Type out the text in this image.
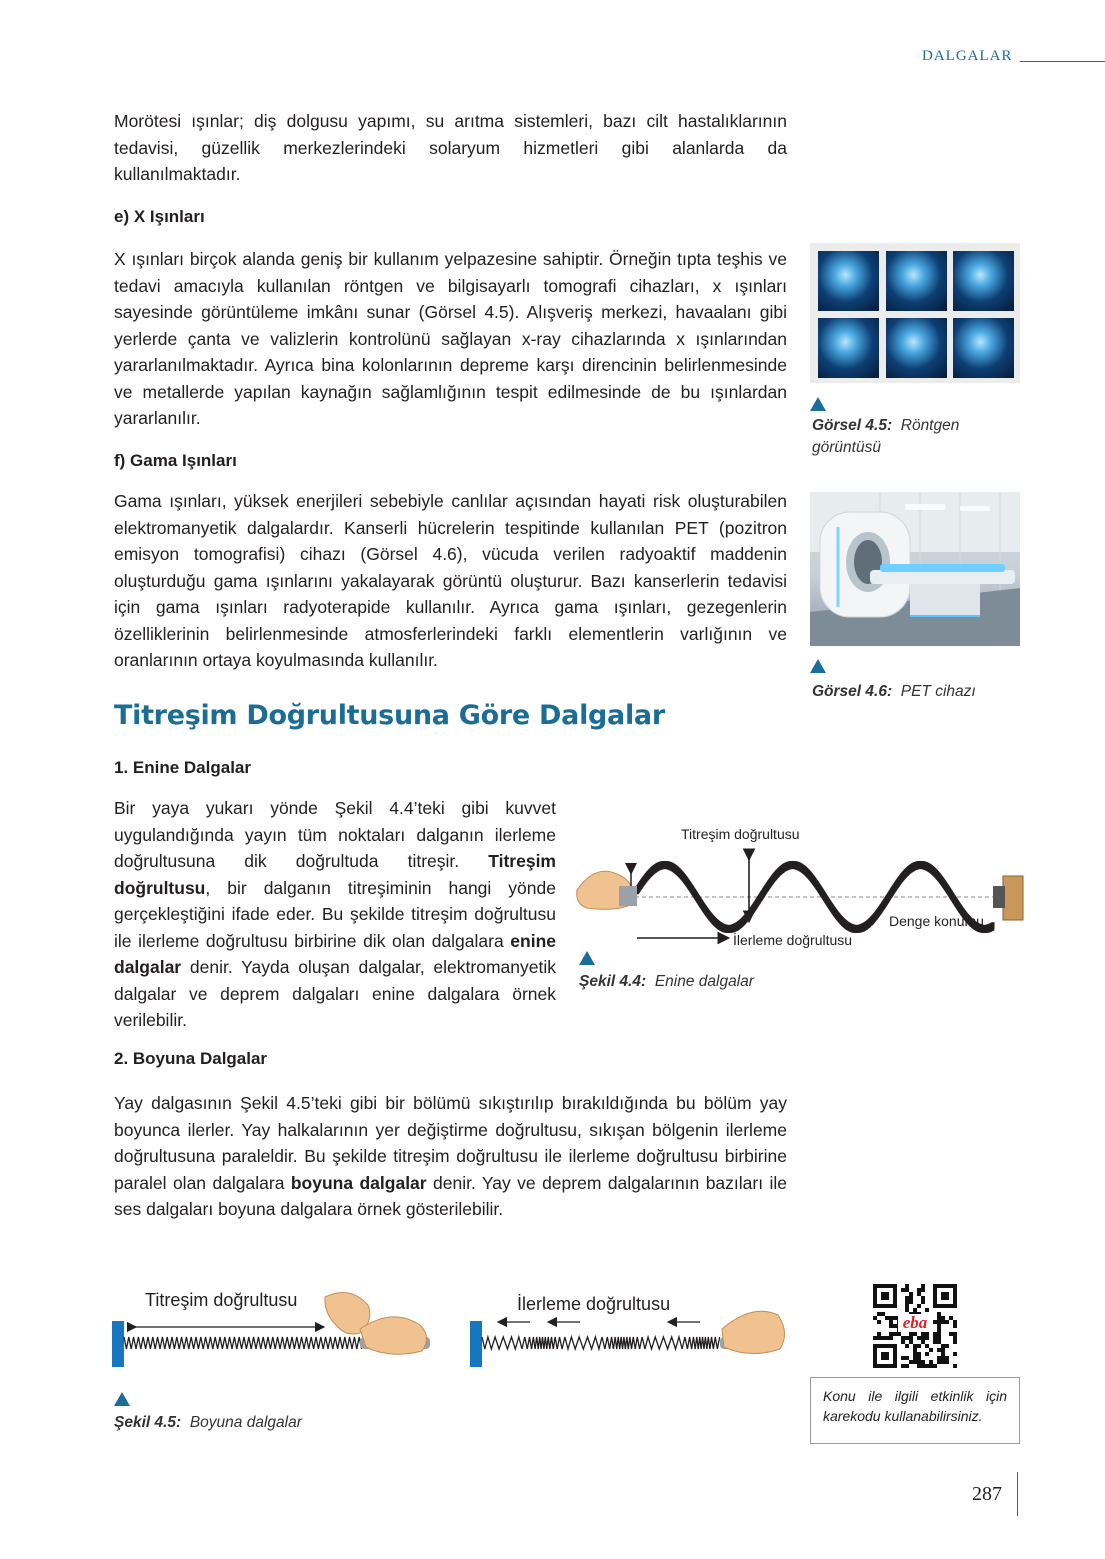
DALGALAR

Morötesi ışınlar; diş dolgusu yapımı, su arıtma sistemleri, bazı cilt hastalıklarının tedavisi, güzellik merkezlerindeki solaryum hizmetleri gibi alanlarda da kullanılmaktadır.

e) X Işınları

X ışınları birçok alanda geniş bir kullanım yelpazesine sahiptir. Örneğin tıpta teşhis ve tedavi amacıyla kullanılan röntgen ve bilgisayarlı tomografi cihazları, x ışınları sayesinde görüntüleme imkânı sunar (Görsel 4.5). Alışveriş merkezi, havaalanı gibi yerlerde çanta ve valizlerin kontrolünü sağlayan x-ray cihazlarında x ışınlarından yararlanılmaktadır. Ayrıca bina kolonlarının depreme karşı direncinin belirlenmesinde ve metallerde yapılan kaynağın sağlamlığının tespit edilmesinde de bu ışınlardan yararlanılır.

f) Gama Işınları

Gama ışınları, yüksek enerjileri sebebiyle canlılar açısından hayati risk oluşturabilen elektromanyetik dalgalardır. Kanserli hücrelerin tespitinde kullanılan PET (pozitron emisyon tomografisi) cihazı (Görsel 4.6), vücuda verilen radyoaktif maddenin oluşturduğu gama ışınlarını yakalayarak görüntü oluşturur. Bazı kanserlerin tedavisi için gama ışınları radyoterapide kullanılır. Ayrıca gama ışınları, gezegenlerin özelliklerinin belirlenmesinde atmosferlerindeki farklı elementlerin varlığının ve oranlarının ortaya koyulmasında kullanılır.

Görsel 4.5: Röntgen görüntüsü
Görsel 4.6: PET cihazı
Titreşim Doğrultusuna Göre Dalgalar

1. Enine Dalgalar

Bir yaya yukarı yönde Şekil 4.4’teki gibi kuvvet uygulandığında yayın tüm noktaları dalganın ilerleme doğrultusuna dik doğrultuda titreşir. Titreşim doğrultusu, bir dalganın titreşiminin hangi yönde gerçekleştiğini ifade eder. Bu şekilde titreşim doğrultusu ile ilerleme doğrultusu birbirine dik olan dalgalara enine dalgalar denir. Yayda oluşan dalgalar, elektromanyetik dalgalar ve deprem dalgaları enine dalgalara örnek verilebilir.

Titreşim doğrultusu
İlerleme doğrultusu
Denge konumu
Şekil 4.4: Enine dalgalar

2. Boyuna Dalgalar

Yay dalgasının Şekil 4.5’teki gibi bir bölümü sıkıştırılıp bırakıldığında bu bölüm yay boyunca ilerler. Yay halkalarının yer değiştirme doğrultusu, sıkışan bölgenin ilerleme doğrultusuna paraleldir. Bu şekilde titreşim doğrultusu ile ilerleme doğrultusu birbirine paralel olan dalgalara boyuna dalgalar denir. Yay ve deprem dalgalarının bazıları ile ses dalgaları boyuna dalgalara örnek gösterilebilir.

Titreşim doğrultusu	İlerleme doğrultusu
Şekil 4.5: Boyuna dalgalar
eba
Konu ile ilgili etkinlik için karekodu kullanabilirsiniz.
287
